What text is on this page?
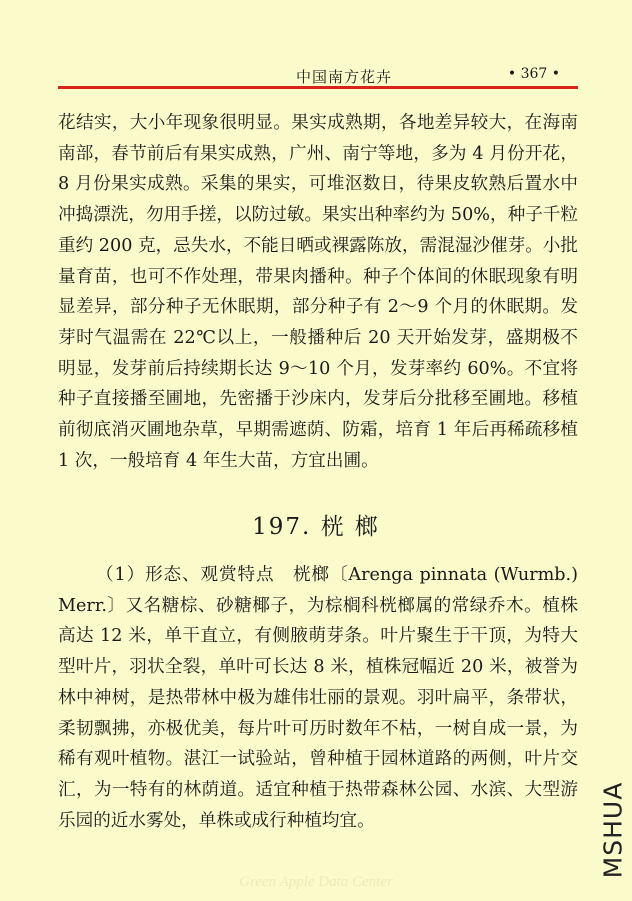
中国南方花卉	• 367 •

花结实，大小年现象很明显。果实成熟期，各地差异较大，在海南南部，春节前后有果实成熟，广州、南宁等地，多为 4 月份开花，8 月份果实成熟。采集的果实，可堆沤数日，待果皮软熟后置水中冲捣漂洗，勿用手搓，以防过敏。果实出种率约为 50%，种子千粒重约 200 克，忌失水，不能日晒或裸露陈放，需混湿沙催芽。小批量育苗，也可不作处理，带果肉播种。种子个体间的休眠现象有明显差异，部分种子无休眠期，部分种子有 2～9 个月的休眠期。发芽时气温需在 22℃以上，一般播种后 20 天开始发芽，盛期极不明显，发芽前后持续期长达 9～10 个月，发芽率约 60%。不宜将种子直接播至圃地，先密播于沙床内，发芽后分批移至圃地。移植前彻底消灭圃地杂草，早期需遮荫、防霜，培育 1 年后再稀疏移植 1 次，一般培育 4 年生大苗，方宜出圃。

197. 桄 榔

（1）形态、观赏特点　桄榔〔Arenga pinnata (Wurmb.) Merr.〕又名糖棕、砂糖椰子，为棕榈科桄榔属的常绿乔木。植株高达 12 米，单干直立，有侧腋萌芽条。叶片聚生于干顶，为特大型叶片，羽状全裂，单叶可长达 8 米，植株冠幅近 20 米，被誉为林中神树，是热带林中极为雄伟壮丽的景观。羽叶扁平，条带状，柔韧飘拂，亦极优美，每片叶可历时数年不枯，一树自成一景，为稀有观叶植物。湛江一试验站，曾种植于园林道路的两侧，叶片交汇，为一特有的林荫道。适宜种植于热带森林公园、水滨、大型游乐园的近水雾处，单株或成行种植均宜。	MSHUA
Green Apple Data Center
